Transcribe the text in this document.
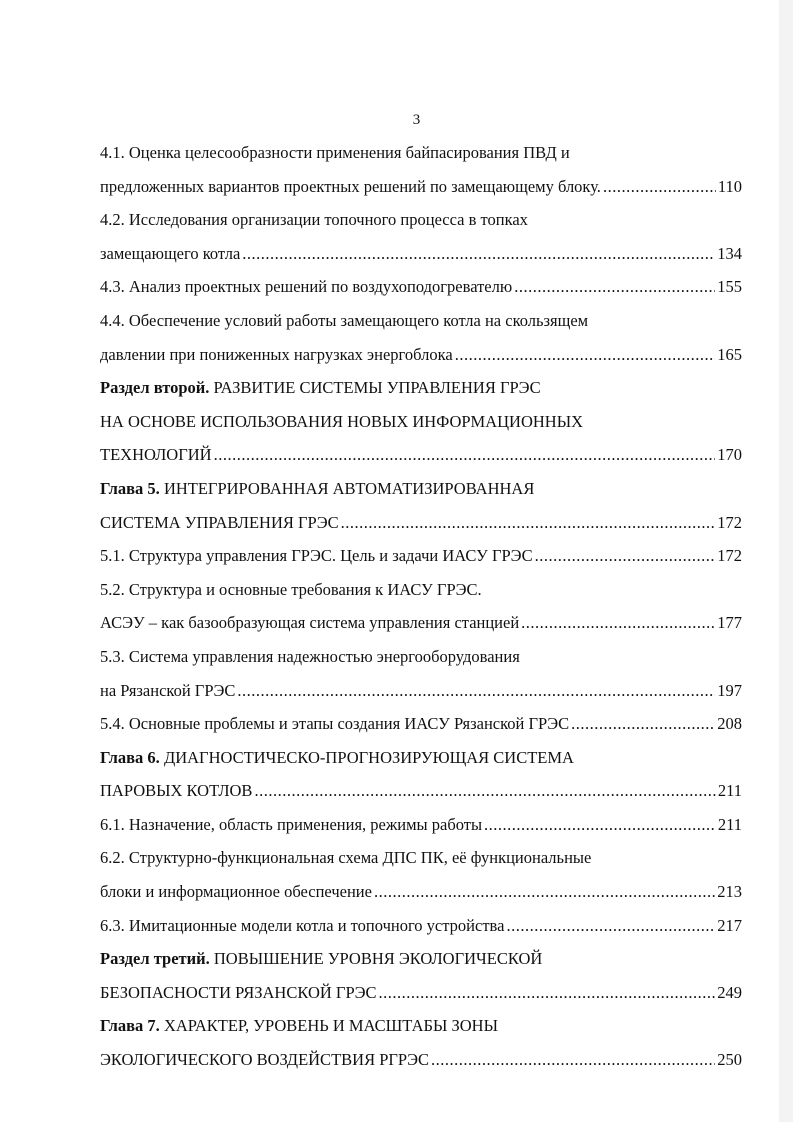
3
4.1. Оценка целесообразности применения байпасирования ПВД и
предложенных вариантов проектных решений по замещающему блоку. .....	110
4.2. Исследования организации топочного процесса в топках
замещающего котла .....	134
4.3. Анализ проектных решений по воздухоподогревателю .....	155
4.4. Обеспечение условий работы замещающего котла на скользящем
давлении при пониженных нагрузках энергоблока .....	165
Раздел второй. РАЗВИТИЕ СИСТЕМЫ УПРАВЛЕНИЯ ГРЭС
НА ОСНОВЕ ИСПОЛЬЗОВАНИЯ НОВЫХ ИНФОРМАЦИОННЫХ
ТЕХНОЛОГИЙ .....	170
Глава 5. ИНТЕГРИРОВАННАЯ АВТОМАТИЗИРОВАННАЯ
СИСТЕМА УПРАВЛЕНИЯ ГРЭС .....	172
5.1. Структура управления ГРЭС. Цель и задачи ИАСУ ГРЭС .....	172
5.2. Структура и основные требования к ИАСУ ГРЭС.
АСЭУ – как базообразующая система управления станцией .....	177
5.3. Система управления надежностью энергооборудования
на Рязанской ГРЭС .....	197
5.4. Основные проблемы и этапы создания ИАСУ Рязанской ГРЭС .....	208
Глава 6. ДИАГНОСТИЧЕСКО-ПРОГНОЗИРУЮЩАЯ СИСТЕМА
ПАРОВЫХ КОТЛОВ .....	211
6.1. Назначение, область применения, режимы работы .....	211
6.2. Структурно-функциональная схема ДПС ПК, её функциональные
блоки и информационное обеспечение .....	213
6.3. Имитационные модели котла и топочного устройства .....	217
Раздел третий. ПОВЫШЕНИЕ УРОВНЯ ЭКОЛОГИЧЕСКОЙ
БЕЗОПАСНОСТИ РЯЗАНСКОЙ ГРЭС .....	249
Глава 7. ХАРАКТЕР, УРОВЕНЬ И МАСШТАБЫ ЗОНЫ
ЭКОЛОГИЧЕСКОГО ВОЗДЕЙСТВИЯ РГРЭС .....	250
